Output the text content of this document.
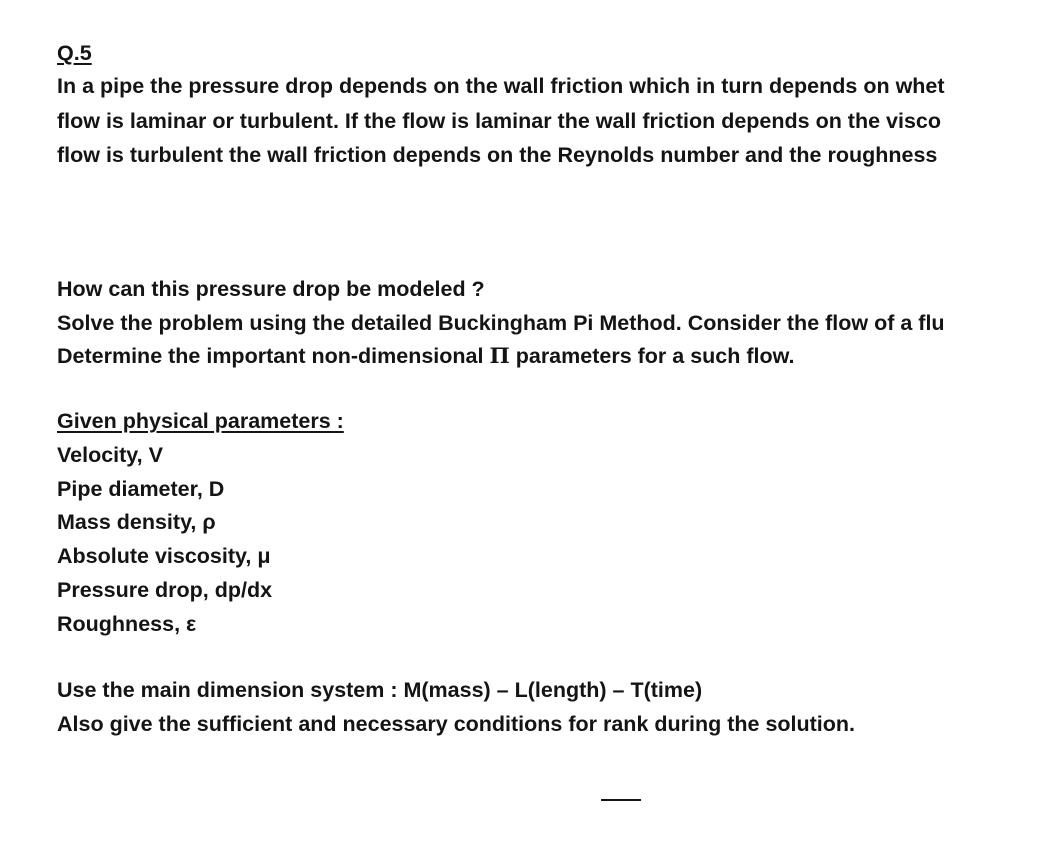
Q.5
In a pipe the pressure drop depends on the wall friction which in turn depends on whet
flow is laminar or turbulent. If the flow is laminar the wall friction depends on the visco
flow is turbulent the wall friction depends on the Reynolds number and the roughness
How can this pressure drop be modeled ?
Solve the problem using the detailed Buckingham Pi Method. Consider the flow of a flu
Determine the important non-dimensional Π parameters for a such flow.
Given physical parameters :
Velocity, V
Pipe diameter, D
Mass density, ρ
Absolute viscosity, μ
Pressure drop, dp/dx
Roughness, ε
Use the main dimension system : M(mass) – L(length) – T(time)
Also give the sufficient and necessary conditions for rank during the solution.
